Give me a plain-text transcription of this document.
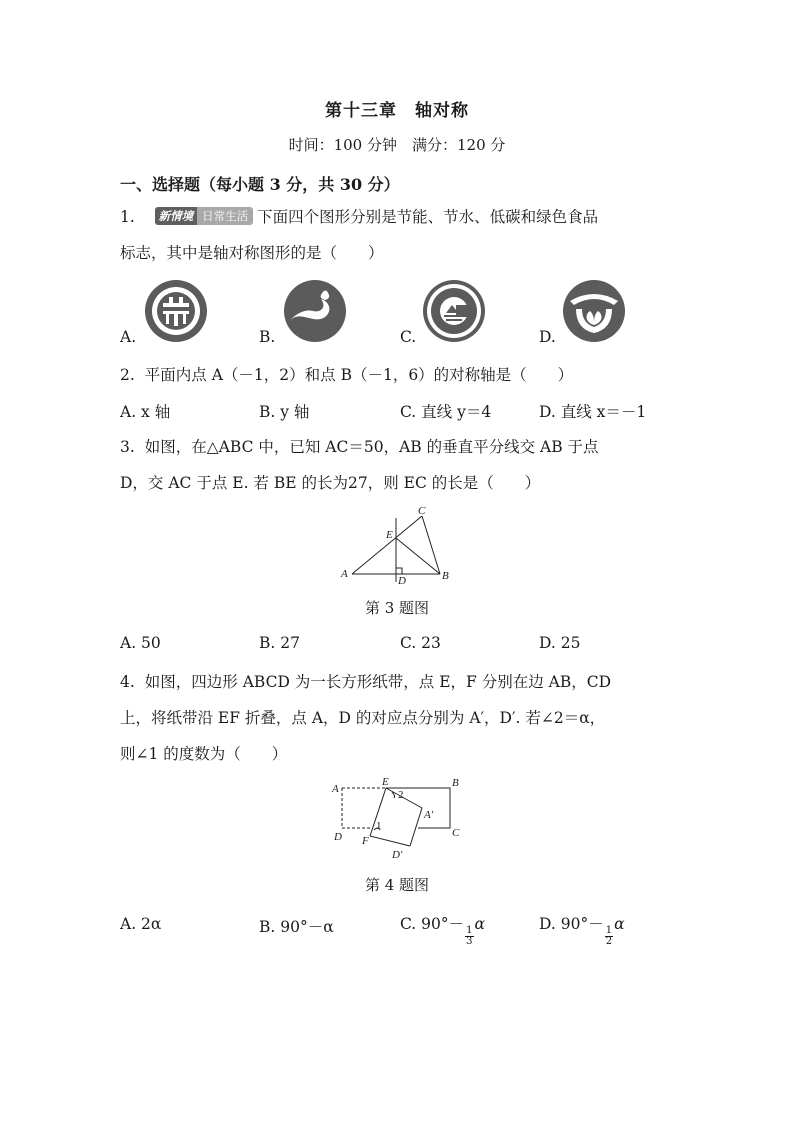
第十三章　轴对称
时间：100 分钟　满分：120 分
一、选择题（每小题 3 分，共 30 分）
1.	新情境 日常生活 下面四个图形分别是节能、节水、低碳和绿色食品
标志，其中是轴对称图形的是（　　）
A.	B.	C.	D.
2. 平面内点 A（－1，2）和点 B（－1，6）的对称轴是（　　）
A. x 轴	B. y 轴	C. 直线 y＝4	D. 直线 x＝－1
3. 如图，在△ABC 中，已知 AC＝50，AB 的垂直平分线交 AB 于点
D，交 AC 于点 E. 若 BE 的长为27，则 EC 的长是（　　）
A	B
C
D
E
第 3 题图
A. 50	B. 27	C. 23	D. 25
4. 如图，四边形 ABCD 为一长方形纸带，点 E，F 分别在边 AB，CD
上，将纸带沿 EF 折叠，点 A，D 的对应点分别为 A′，D′. 若∠2＝α，
则∠1 的度数为（　　）
A	B
C
D
E
F
A′
D′
1
2
第 4 题图
A. 2α	B. 90°－α	C. 90°－
$\frac{1}{3}$
α	D. 90°－
$\frac{1}{2}$
α
